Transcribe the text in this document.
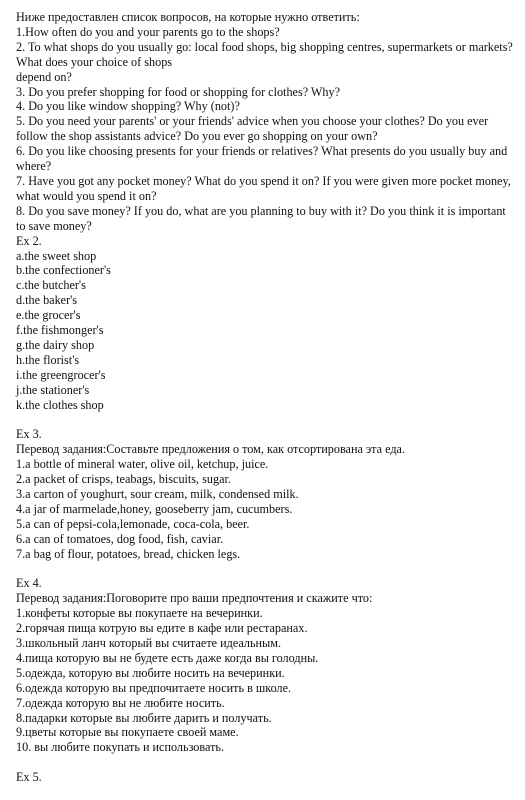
Ниже предоставлен список вопросов, на которые нужно ответить:

1.How often do you and your parents go to the shops?

2. To what shops do you usually go: local food shops, big shopping centres, supermarkets or markets? What does your choice of shops

depend on?

3. Do you prefer shopping for food or shopping for clothes? Why?

4. Do you like window shopping? Why (not)?

5. Do you need your parents' or your friends' advice when you choose your clothes? Do you ever follow the shop assistants advice? Do you ever go shopping on your own?

6. Do you like choosing presents for your friends or relatives? What presents do you usually buy and where?

7. Have you got any pocket money? What do you spend it on? If you were given more pocket money, what would you spend it on?

8. Do you save money? If you do, what are you planning to buy with it? Do you think it is important to save money?

Ex 2.

a.the sweet shop

b.the confectioner's

c.the butcher's

d.the baker's

e.the grocer's

f.the fishmonger's

g.the dairy shop

h.the florist's

i.the greengrocer's

j.the stationer's

k.the clothes shop

Ex 3.

Перевод задания:Составьте предложения о том, как отсортирована эта еда.

1.a bottle of mineral water, olive oil, ketchup, juice.

2.a packet of crisps, teabags, biscuits, sugar.

3.a carton of youghurt, sour cream, milk, condensed milk.

4.a jar of marmelade,honey, gooseberry jam, cucumbers.

5.a can of pepsi-cola,lemonade, coca-cola, beer.

6.a can of tomatoes, dog food, fish, caviar.

7.a bag of flour, potatoes, bread, chicken legs.

Ex 4.

Перевод задания:Поговорите про ваши предпочтения и скажите что:

1.конфеты которые вы покупаете на вечеринки.

2.горячая пища котрую вы едите в кафе или рестаранах.

3.школьный ланч который вы считаете идеальным.

4.пища которую вы не будете есть даже когда вы голодны.

5.одежда, которую вы любите носить на вечеринки.

6.одежда которую вы предпочитаете носить в школе.

7.одежда которую вы не любите носить.

8.падарки которые вы любите дарить и получать.

9.цветы которые вы покупаете своей маме.

10. вы любите покупать и использовать.

Ex 5.
